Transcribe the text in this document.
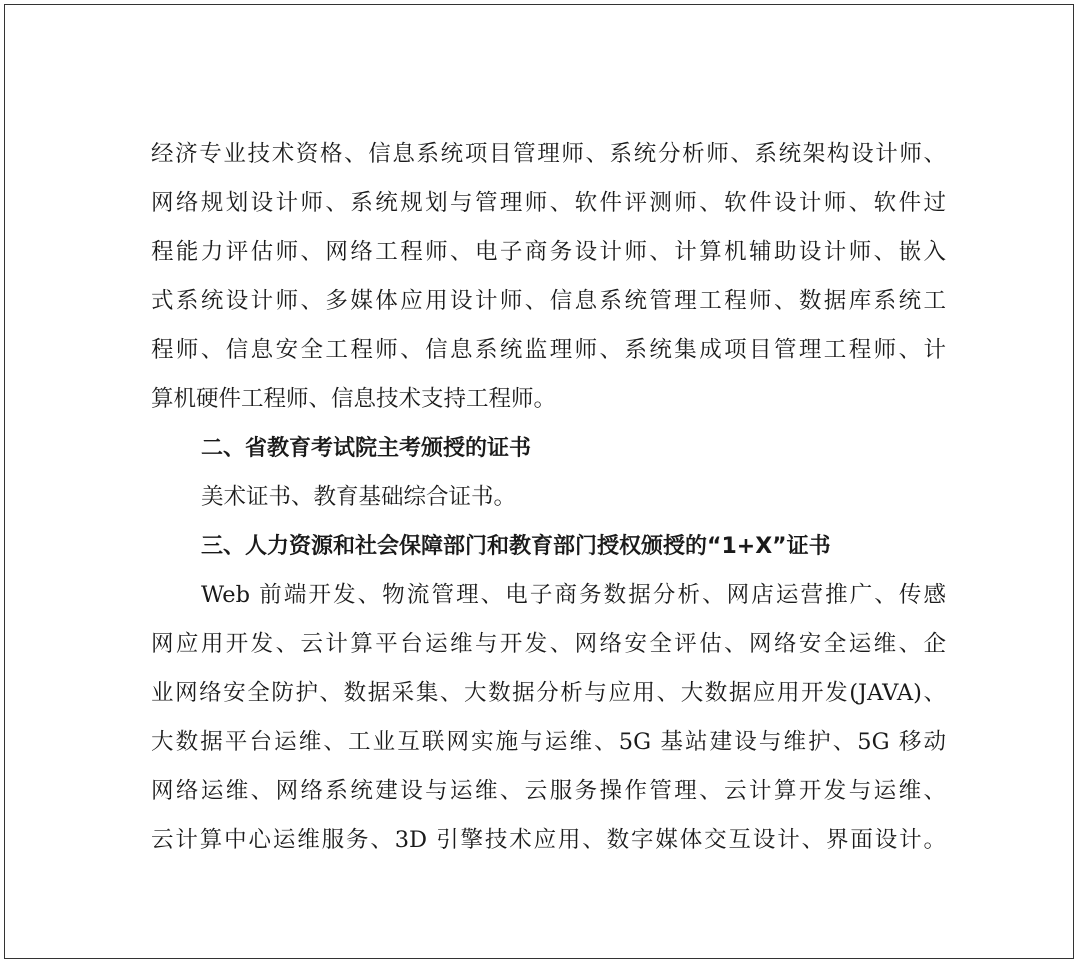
经济专业技术资格、信息系统项目管理师、系统分析师、系统架构设计师、
网络规划设计师、系统规划与管理师、软件评测师、软件设计师、软件过
程能力评估师、网络工程师、电子商务设计师、计算机辅助设计师、嵌入
式系统设计师、多媒体应用设计师、信息系统管理工程师、数据库系统工
程师、信息安全工程师、信息系统监理师、系统集成项目管理工程师、计
算机硬件工程师、信息技术支持工程师。
二、省教育考试院主考颁授的证书
美术证书、教育基础综合证书。
三、人力资源和社会保障部门和教育部门授权颁授的“1+X”证书
Web 前端开发、物流管理、电子商务数据分析、网店运营推广、传感
网应用开发、云计算平台运维与开发、网络安全评估、网络安全运维、企
业网络安全防护、数据采集、大数据分析与应用、大数据应用开发(JAVA)、
大数据平台运维、工业互联网实施与运维、5G 基站建设与维护、5G 移动
网络运维、网络系统建设与运维、云服务操作管理、云计算开发与运维、
云计算中心运维服务、3D 引擎技术应用、数字媒体交互设计、界面设计。
